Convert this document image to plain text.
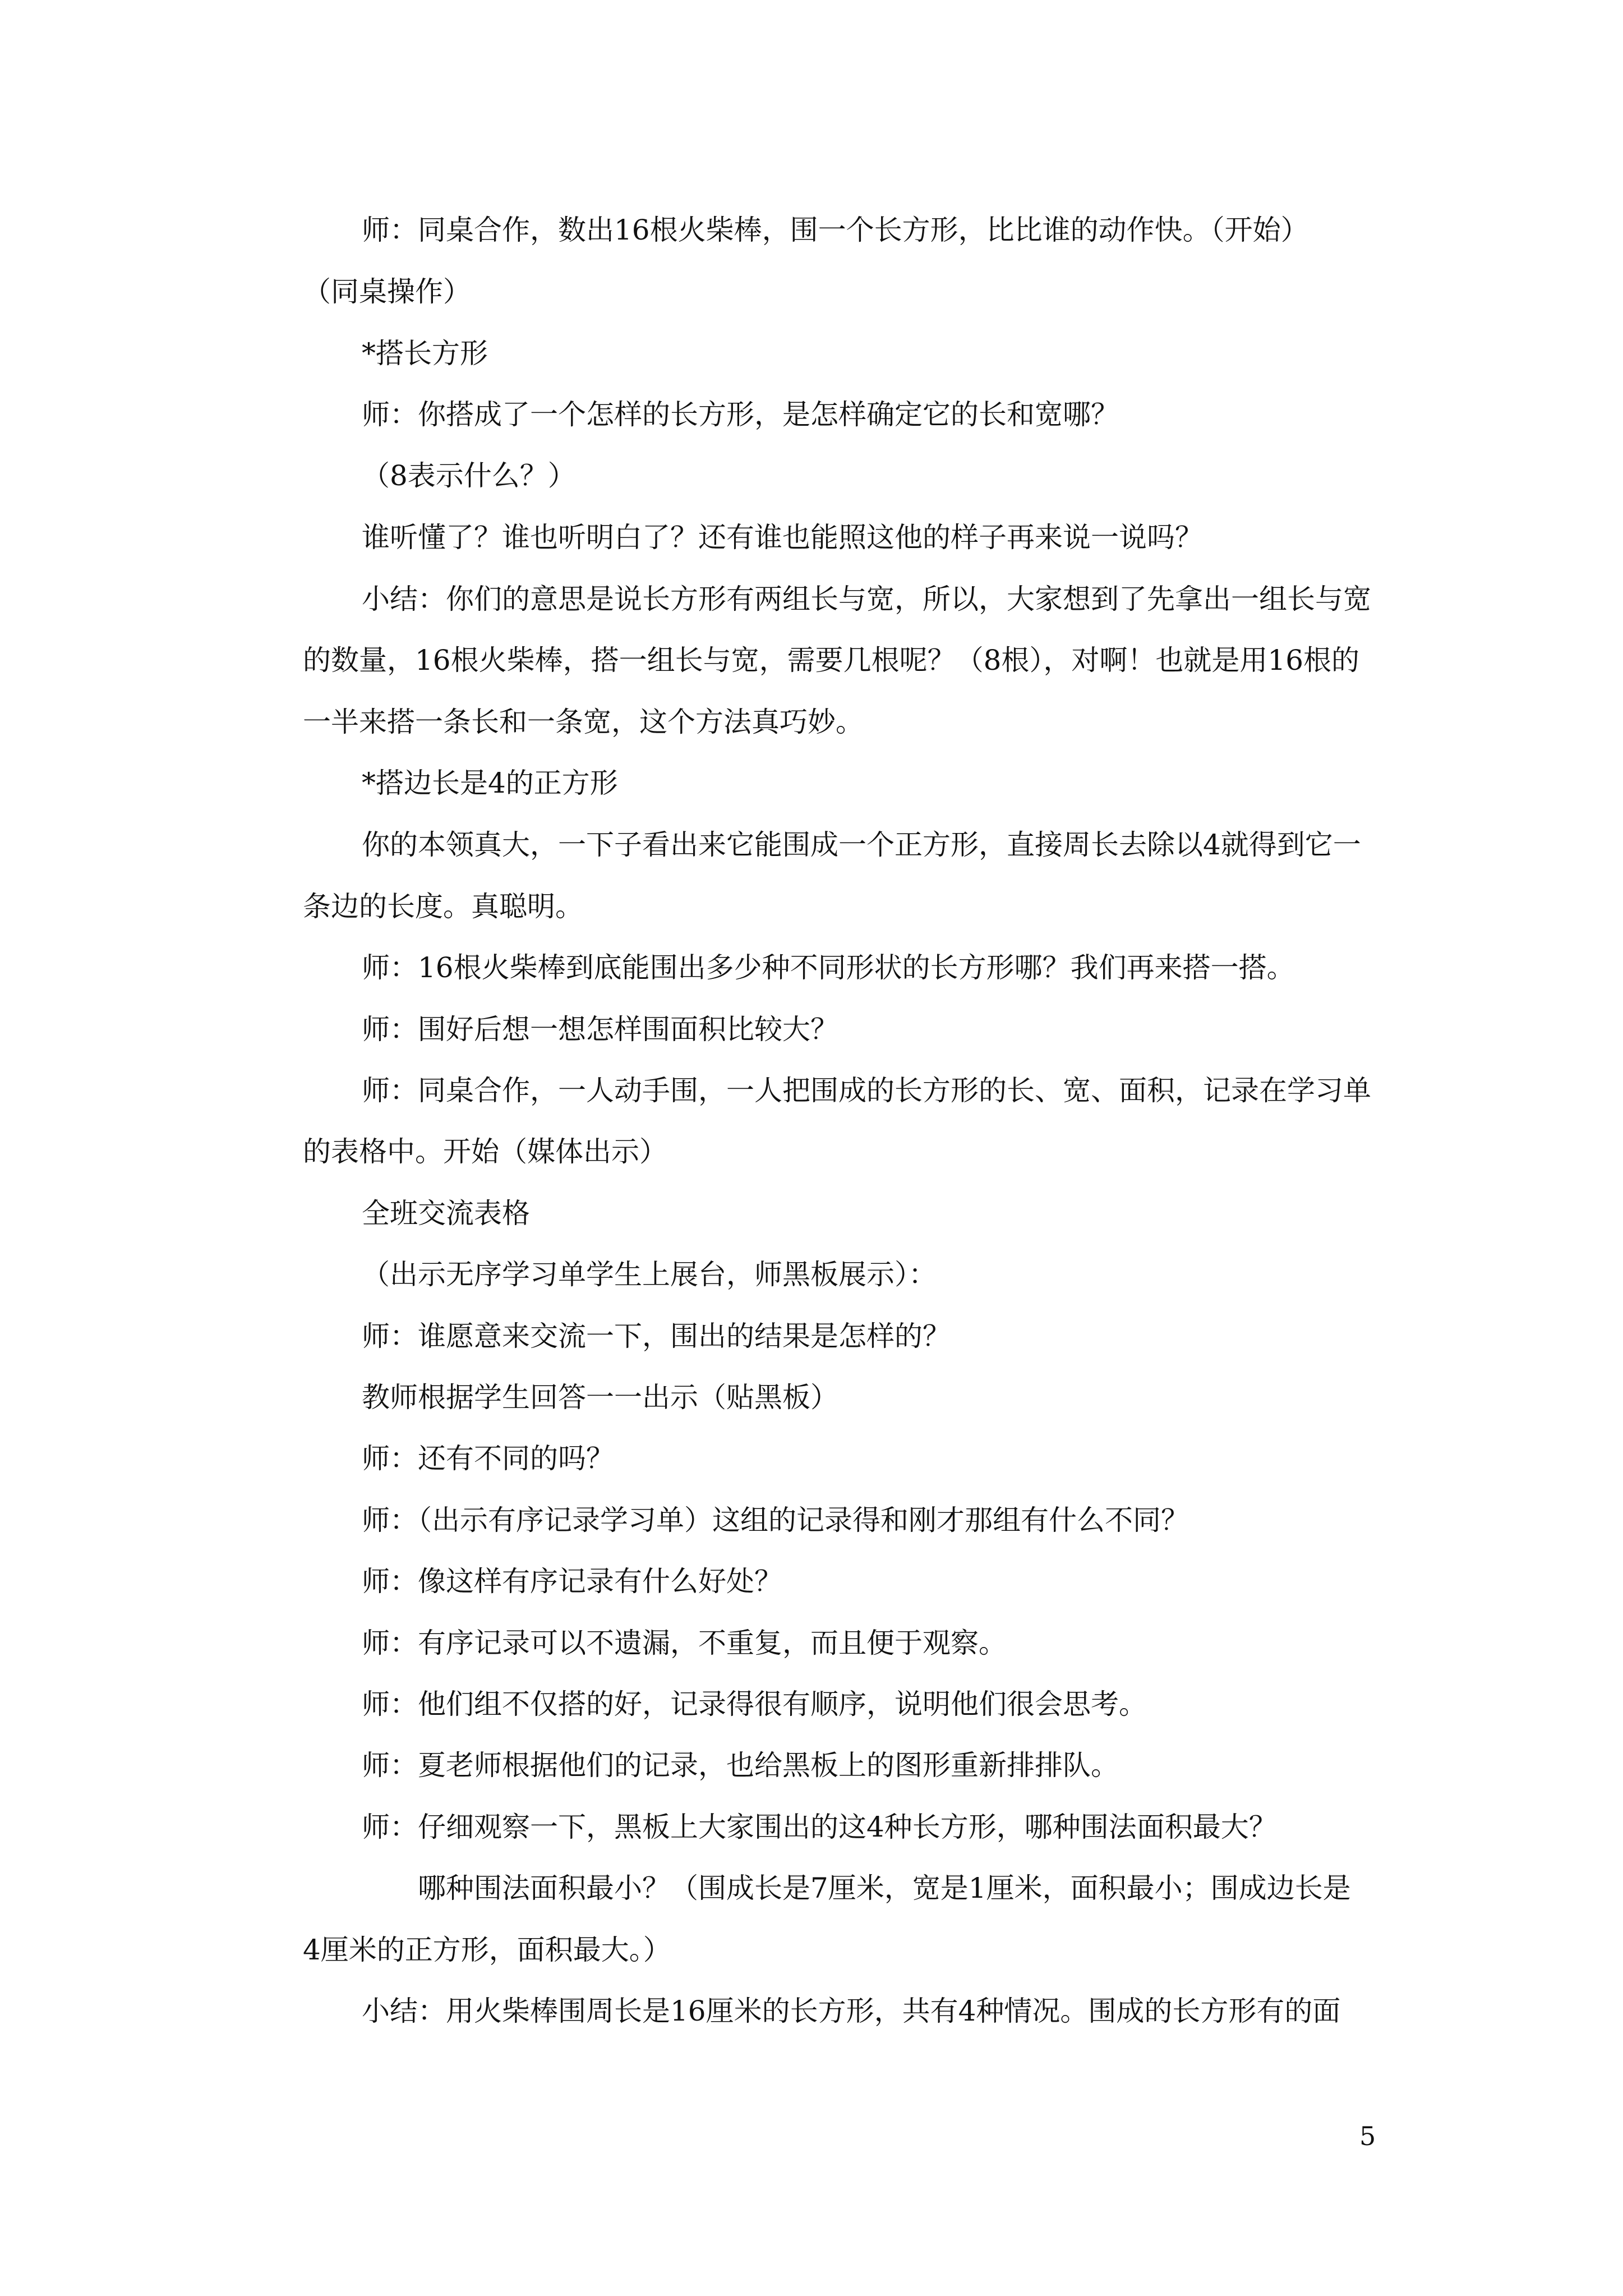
师：同桌合作，数出16根火柴棒，围一个长方形，比比谁的动作快。（开始）
（同桌操作）
*搭长方形
师：你搭成了一个怎样的长方形，是怎样确定它的长和宽哪？
（8表示什么？）
谁听懂了？谁也听明白了？还有谁也能照这他的样子再来说一说吗？
小结：你们的意思是说长方形有两组长与宽，所以，大家想到了先拿出一组长与宽
的数量，16根火柴棒，搭一组长与宽，需要几根呢？（8根），对啊！也就是用16根的
一半来搭一条长和一条宽，这个方法真巧妙。
*搭边长是4的正方形
你的本领真大，一下子看出来它能围成一个正方形，直接周长去除以4就得到它一
条边的长度。真聪明。
师：16根火柴棒到底能围出多少种不同形状的长方形哪？我们再来搭一搭。
师：围好后想一想怎样围面积比较大？
师：同桌合作，一人动手围，一人把围成的长方形的长、宽、面积，记录在学习单
的表格中。开始（媒体出示）
全班交流表格
（出示无序学习单学生上展台，师黑板展示）：
师：谁愿意来交流一下，围出的结果是怎样的？
教师根据学生回答一一出示（贴黑板）
师：还有不同的吗？
师：（出示有序记录学习单）这组的记录得和刚才那组有什么不同？
师：像这样有序记录有什么好处？
师：有序记录可以不遗漏，不重复，而且便于观察。
师：他们组不仅搭的好，记录得很有顺序，说明他们很会思考。
师：夏老师根据他们的记录，也给黑板上的图形重新排排队。
师：仔细观察一下，黑板上大家围出的这4种长方形，哪种围法面积最大？
哪种围法面积最小？（围成长是7厘米，宽是1厘米，面积最小；围成边长是
4厘米的正方形，面积最大。）
小结：用火柴棒围周长是16厘米的长方形，共有4种情况。围成的长方形有的面
5
